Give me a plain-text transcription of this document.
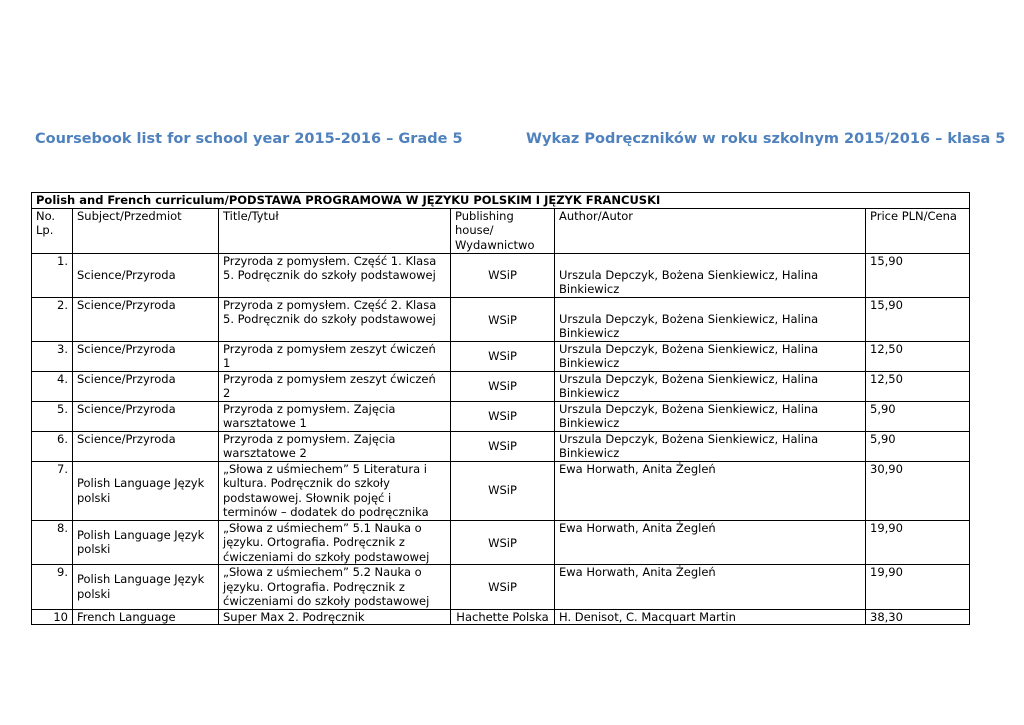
Coursebook list for school year 2015-2016 – Grade 5	Wykaz Podręczników w roku szkolnym 2015/2016 – klasa 5
Polish and French curriculum/PODSTAWA PROGRAMOWA W JĘZYKU POLSKIM I JĘZYK FRANCUSKI					
No. Lp.	Subject/Przedmiot	Title/Tytuł	Publishing house/ Wydawnictwo	Author/Autor	Price PLN/Cena
1.	Science/Przyroda	Przyroda z pomysłem. Część 1. Klasa 5. Podręcznik do szkoły podstawowej	WSiP	Urszula Depczyk, Bożena Sienkiewicz, Halina Binkiewicz	15,90
2.	Science/Przyroda	Przyroda z pomysłem. Część 2. Klasa 5. Podręcznik do szkoły podstawowej	WSiP	Urszula Depczyk, Bożena Sienkiewicz, Halina Binkiewicz	15,90
3.	Science/Przyroda	Przyroda z pomysłem zeszyt ćwiczeń 1	WSiP	Urszula Depczyk, Bożena Sienkiewicz, Halina Binkiewicz	12,50
4.	Science/Przyroda	Przyroda z pomysłem zeszyt ćwiczeń 2	WSiP	Urszula Depczyk, Bożena Sienkiewicz, Halina Binkiewicz	12,50
5.	Science/Przyroda	Przyroda z pomysłem. Zajęcia warsztatowe 1	WSiP	Urszula Depczyk, Bożena Sienkiewicz, Halina Binkiewicz	5,90
6.	Science/Przyroda	Przyroda z pomysłem. Zajęcia warsztatowe 2	WSiP	Urszula Depczyk, Bożena Sienkiewicz, Halina Binkiewicz	5,90
7.	Polish Language Język polski	„Słowa z uśmiechem” 5 Literatura i kultura. Podręcznik do szkoły podstawowej. Słownik pojęć i terminów – dodatek do podręcznika	WSiP	Ewa Horwath, Anita Żegleń	30,90
8.	Polish Language Język polski	„Słowa z uśmiechem” 5.1 Nauka o języku. Ortografia. Podręcznik z ćwiczeniami do szkoły podstawowej	WSiP	Ewa Horwath, Anita Żegleń	19,90
9.	Polish Language Język polski	„Słowa z uśmiechem” 5.2 Nauka o języku. Ortografia. Podręcznik z ćwiczeniami do szkoły podstawowej	WSiP	Ewa Horwath, Anita Żegleń	19,90
10	French Language	Super Max 2. Podręcznik	Hachette Polska	H. Denisot, C. Macquart Martin	38,30
